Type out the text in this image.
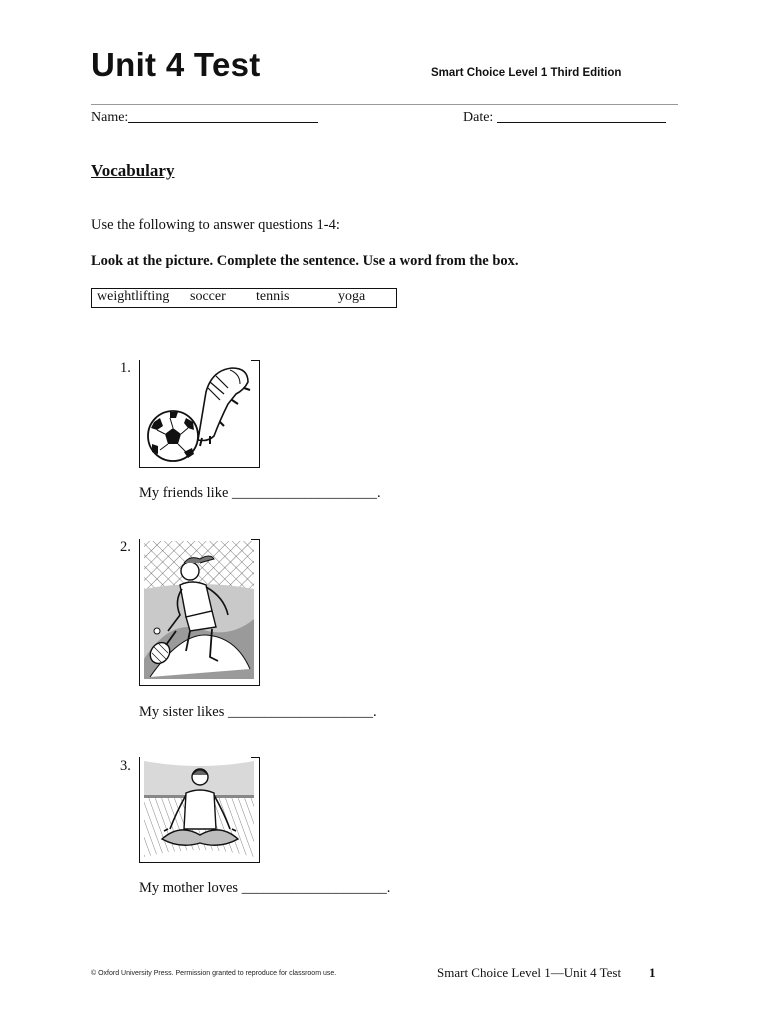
Unit 4 Test	Smart Choice Level 1 Third Edition
Name:	Date:
Vocabulary
Use the following to answer questions 1-4:
Look at the picture. Complete the sentence. Use a word from the box.
weightlifting soccer tennis	yoga
1.
My friends like ____________________.
2.
My sister likes ____________________.
3.
My mother loves ____________________.
© Oxford University Press. Permission granted to reproduce for classroom use.	Smart Choice Level 1—Unit 4 Test 1
